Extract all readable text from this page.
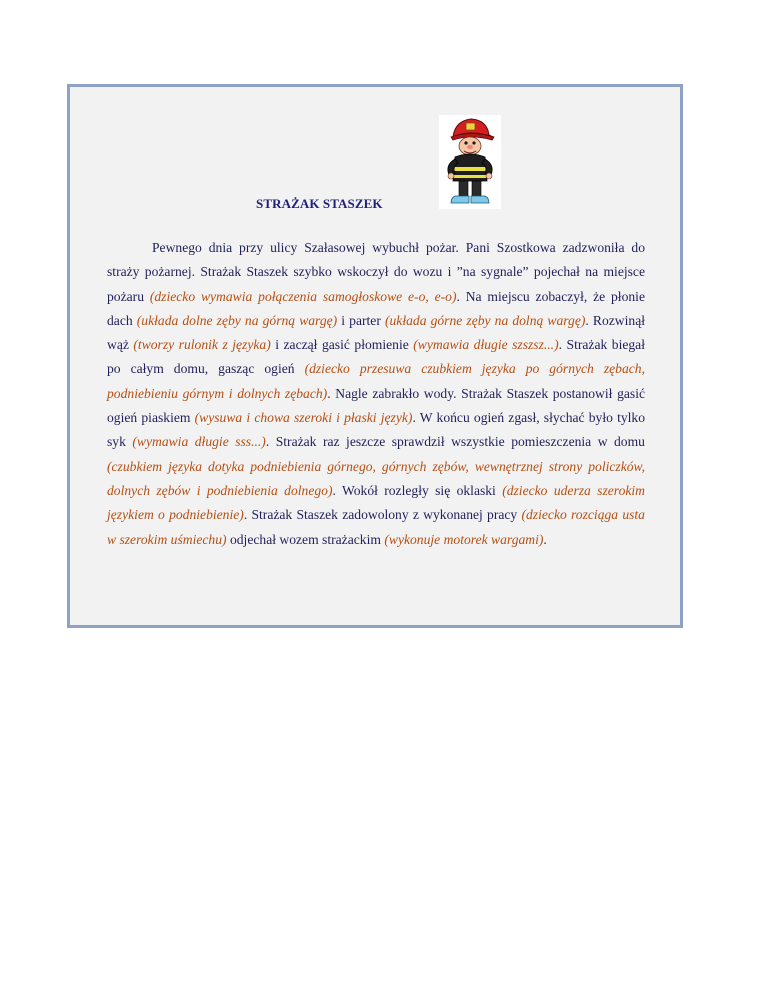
STRAŻAK STASZEK

Pewnego dnia przy ulicy Szałasowej wybuchł pożar. Pani Szostkowa zadzwoniła do straży pożarnej. Strażak Staszek szybko wskoczył do wozu i ”na sygnale” pojechał na miejsce pożaru (dziecko wymawia połączenia samogłoskowe e-o, e-o). Na miejscu zobaczył, że płonie dach (układa dolne zęby na górną wargę) i parter (układa górne zęby na dolną wargę). Rozwinął wąż (tworzy rulonik z języka) i zaczął gasić płomienie (wymawia długie szszsz...). Strażak biegał po całym domu, gasząc ogień (dziecko przesuwa czubkiem języka po górnych zębach, podniebieniu górnym i dolnych zębach). Nagle zabrakło wody. Strażak Staszek postanowił gasić ogień piaskiem (wysuwa i chowa szeroki i płaski język). W końcu ogień zgasł, słychać było tylko syk (wymawia długie sss...). Strażak raz jeszcze sprawdził wszystkie pomieszczenia w domu (czubkiem języka dotyka podniebienia górnego, górnych zębów, wewnętrznej strony policzków, dolnych zębów i podniebienia dolnego). Wokół rozległy się oklaski (dziecko uderza szerokim językiem o podniebienie). Strażak Staszek zadowolony z wykonanej pracy (dziecko rozciąga usta w szerokim uśmiechu) odjechał wozem strażackim (wykonuje motorek wargami).
